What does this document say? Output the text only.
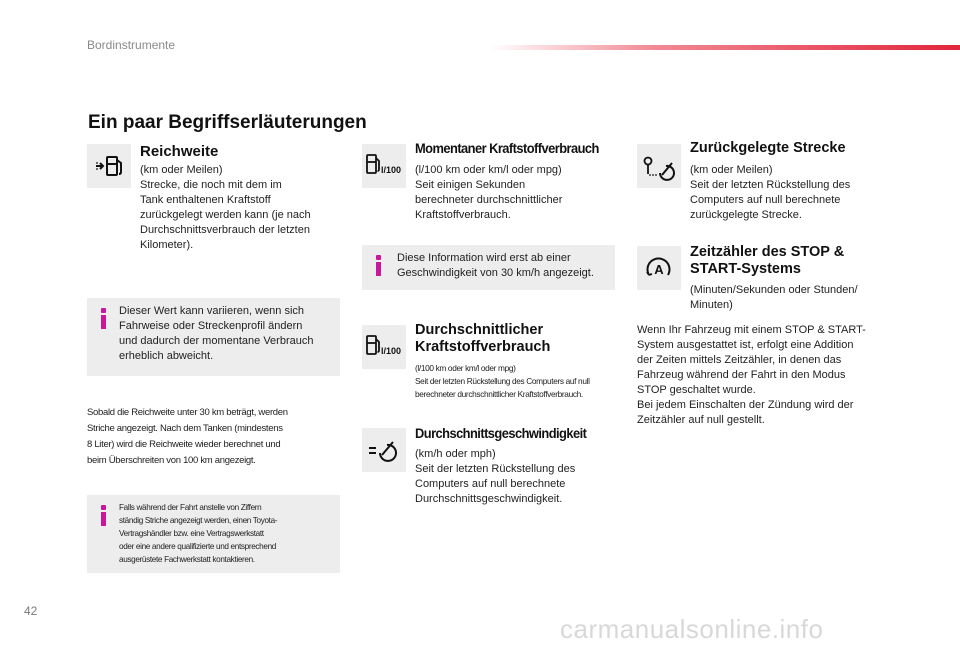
Bordinstrumente
42
carmanualsonline.info
Ein paar Begriffserläuterungen
Reichweite
(km oder Meilen)
Strecke, die noch mit dem im
Tank enthaltenen Kraftstoff
zurückgelegt werden kann (je nach
Durchschnittsverbrauch der letzten
Kilometer).
Dieser Wert kann variieren, wenn sich
Fahrweise oder Streckenprofil ändern
und dadurch der momentane Verbrauch
erheblich abweicht.
Sobald die Reichweite unter 30 km beträgt, werden
Striche angezeigt. Nach dem Tanken (mindestens
8 Liter) wird die Reichweite wieder berechnet und
beim Überschreiten von 100 km angezeigt.
Falls während der Fahrt anstelle von Ziffern
ständig Striche angezeigt werden, einen Toyota-
Vertragshändler bzw. eine Vertragswerkstatt
oder eine andere qualifizierte und entsprechend
ausgerüstete Fachwerkstatt kontaktieren.
l/100
Momentaner Kraftstoffverbrauch
(l/100 km oder km/l oder mpg)
Seit einigen Sekunden
berechneter durchschnittlicher
Kraftstoffverbrauch.
Diese Information wird erst ab einer
Geschwindigkeit von 30 km/h angezeigt.
l/100
Durchschnittlicher
Kraftstoffverbrauch
(l/100 km oder km/l oder mpg)
Seit der letzten Rückstellung des Computers auf null
berechneter durchschnittlicher Kraftstoffverbrauch.
Durchschnittsgeschwindigkeit
(km/h oder mph)
Seit der letzten Rückstellung des
Computers auf null berechnete
Durchschnittsgeschwindigkeit.
Zurückgelegte Strecke
(km oder Meilen)
Seit der letzten Rückstellung des
Computers auf null berechnete
zurückgelegte Strecke.
A
Zeitzähler des STOP &
START-Systems
(Minuten/Sekunden oder Stunden/
Minuten)
Wenn Ihr Fahrzeug mit einem STOP & START-
System ausgestattet ist, erfolgt eine Addition
der Zeiten mittels Zeitzähler, in denen das
Fahrzeug während der Fahrt in den Modus
STOP geschaltet wurde.
Bei jedem Einschalten der Zündung wird der
Zeitzähler auf null gestellt.
